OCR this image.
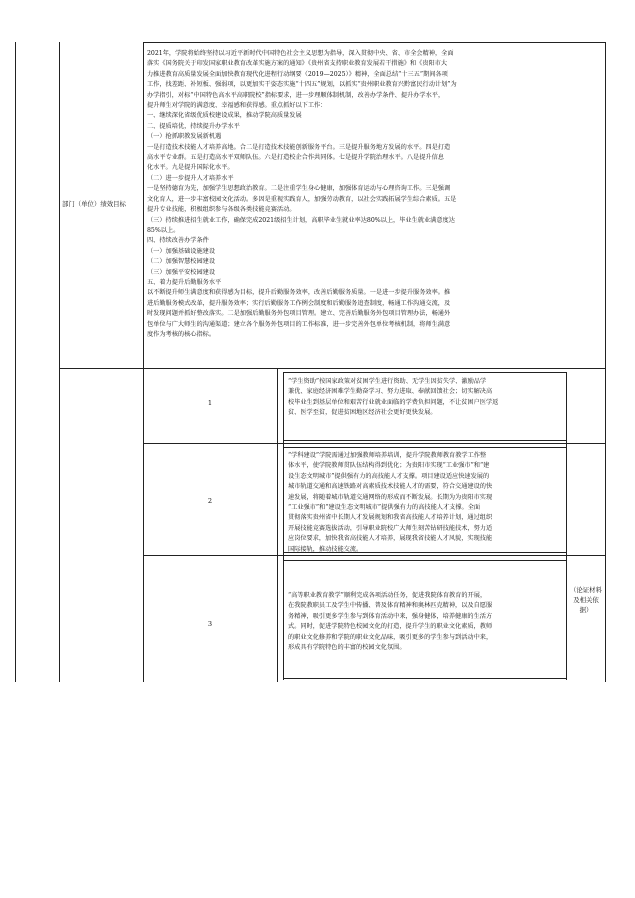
部门（单位）绩效目标
2021年，学院将始终坚持以习近平新时代中国特色社会主义思想为指导，深入贯彻中央、省、市全会精神，全面
落实《国务院关于印发国家职业教育改革实施方案的通知》《贵州省支持职业教育发展若干措施》和《贵阳市大
力推进教育高质量发展全面加快教育现代化进程行动纲要（2019—2025）》精神，全面总结“十三五”期间各项
工作，找差距、补短板、强弱项，以更加实干姿态实施“十四五”规划，以抓实“贵州职业教育兴黔富民行动计划”为
办学指引，对标“中国特色高水平高职院校”指标要求，进一步理顺体制机制，改善办学条件、提升办学水平，
提升师生对学院的满意度、幸福感和获得感。重点抓好以下工作：
一、继续深化省级优质校建设成果，推动学院高质量发展
二、提质培优，持续提升办学水平
（一）抢抓职教发展新机遇
一是打造技术技能人才培养高地。合二是打造技术技能创新服务平台。三是提升服务地方发展的水平。四是打造
高水平专业群。五是打造高水平双师队伍。六是打造校企合作共同体。七是提升学院治理水平。八是提升信息
化水平。九是提升国际化水平。
（二）进一步提升人才培养水平
一是坚持德育为先，加强学生思想政治教育。二是注重学生身心健康，加强体育运动与心理咨询工作。三是强调
文化育人，进一步丰富校园文化活动。多因是重视实践育人，加强劳动教育，以社会实践拓展学生综合素质。五是
提升专业技能，积极组织参与各级各类技能竞赛活动。
（三）持续推进招生就业工作，确保完成2021级招生计划，高职毕业生就业率达80%以上，毕业生就业满意度达
85%以上。
四、持续改善办学条件
（一）加强基础设施建设
（二）加强智慧校园建设
（三）加强平安校园建设
五、着力提升后勤服务水平
以不断提升师生满意度和获得感为目标，提升后勤服务效率，改善后勤服务质量。一是进一步提升服务效率。推
进后勤服务模式改革，提升服务效率；实行后勤服务工作例会制度和后勤服务追查制度，畅通工作沟通交流，及
时发现问题并抓好整改落实。二是加强后勤服务外包项目管理。建立、完善后勤服务外包项目管理办法，畅通外
包单位与广大师生的沟通渠道；建立各个服务外包项目的工作标准，进一步完善外包单位考核机制，将师生满意
度作为考核的核心指标。
1
2
3
“学生资助”按国家政策对贫困学生进行资助、无学生因贫失学、激励品学
兼优、家庭经济困难学生勤奋学习、努力进取、奉献回馈社会；切实解决高
校毕业生到基层单位和艰苦行业就业面临的学费负担问题，不让贫困户医学返
贫、医学至贫，促进贫困地区经济社会更好更快发展。
“学科建设”学院需通过加强教师培养培训，提升学院教师教育教学工作整
体水平，使学院教师贯队伍结构得到优化；为贵阳市实现“工业强市”和“建
设生态文明城市”提供强有力的高技能人才支撑。项目建设适应快速发展的
城市轨道交通和高速铁路对高素质技术技能人才的需要，符合交通建设的快
速发展，将随着城市轨道交通网络的形成而不断发展。长期为为贵阳市实现
“工业强市”和“建设生态文明城市”提供强有力的高技能人才支撑。全面
贯彻落实贵州省中长期人才发展规划和我省高技能人才培养计划，通过组织
开展技能竞赛选拔活动，引导职业院校广大师生刻苦钻研技能技术，努力适
应岗位要求，加快我省高技能人才培养，展现我省技能人才风貌，实现技能
国际接轨，推动技能交流。
“高等职业教育教学”顺利完成各项活动任务，促进我院体育教育的开展，
在我院教职员工及学生中传播、普及体育精神和奥林匹克精神，以及自愿服
务精神，吸引更多学生参与到体育活动中来，强身健体，培养健康的生活方
式。同时，促进学院特色校园文化的打造，提升学生的职业文化素质，教师
的职业文化修养和学院的职业文化品味，吸引更多的学生参与到活动中来，
形成具有学院特色的丰富的校园文化氛围。
（论证材料及相关依据）
